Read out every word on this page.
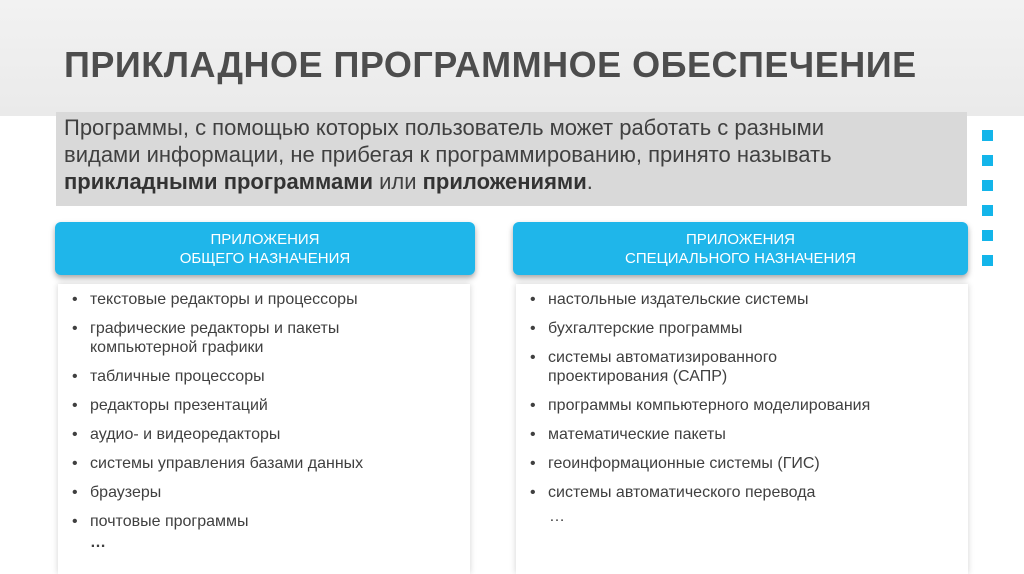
ПРИКЛАДНОЕ ПРОГРАММНОЕ ОБЕСПЕЧЕНИЕ
Программы, с помощью которых пользователь может работать с разными
видами информации, не прибегая к программированию, принято называть
прикладными программами или приложениями.
ПРИЛОЖЕНИЯ
ОБЩЕГО НАЗНАЧЕНИЯ
ПРИЛОЖЕНИЯ
СПЕЦИАЛЬНОГО НАЗНАЧЕНИЯ
• текстовые редакторы и процессоры
• графические редакторы и пакеты компьютерной графики
• табличные процессоры
• редакторы презентаций
• аудио- и видеоредакторы
• системы управления базами данных
• браузеры
• почтовые программы
…
• настольные издательские системы
• бухгалтерские программы
• системы автоматизированного проектирования (САПР)
• программы компьютерного моделирования
• математические пакеты
• геоинформационные системы (ГИС)
• системы автоматического перевода
…
